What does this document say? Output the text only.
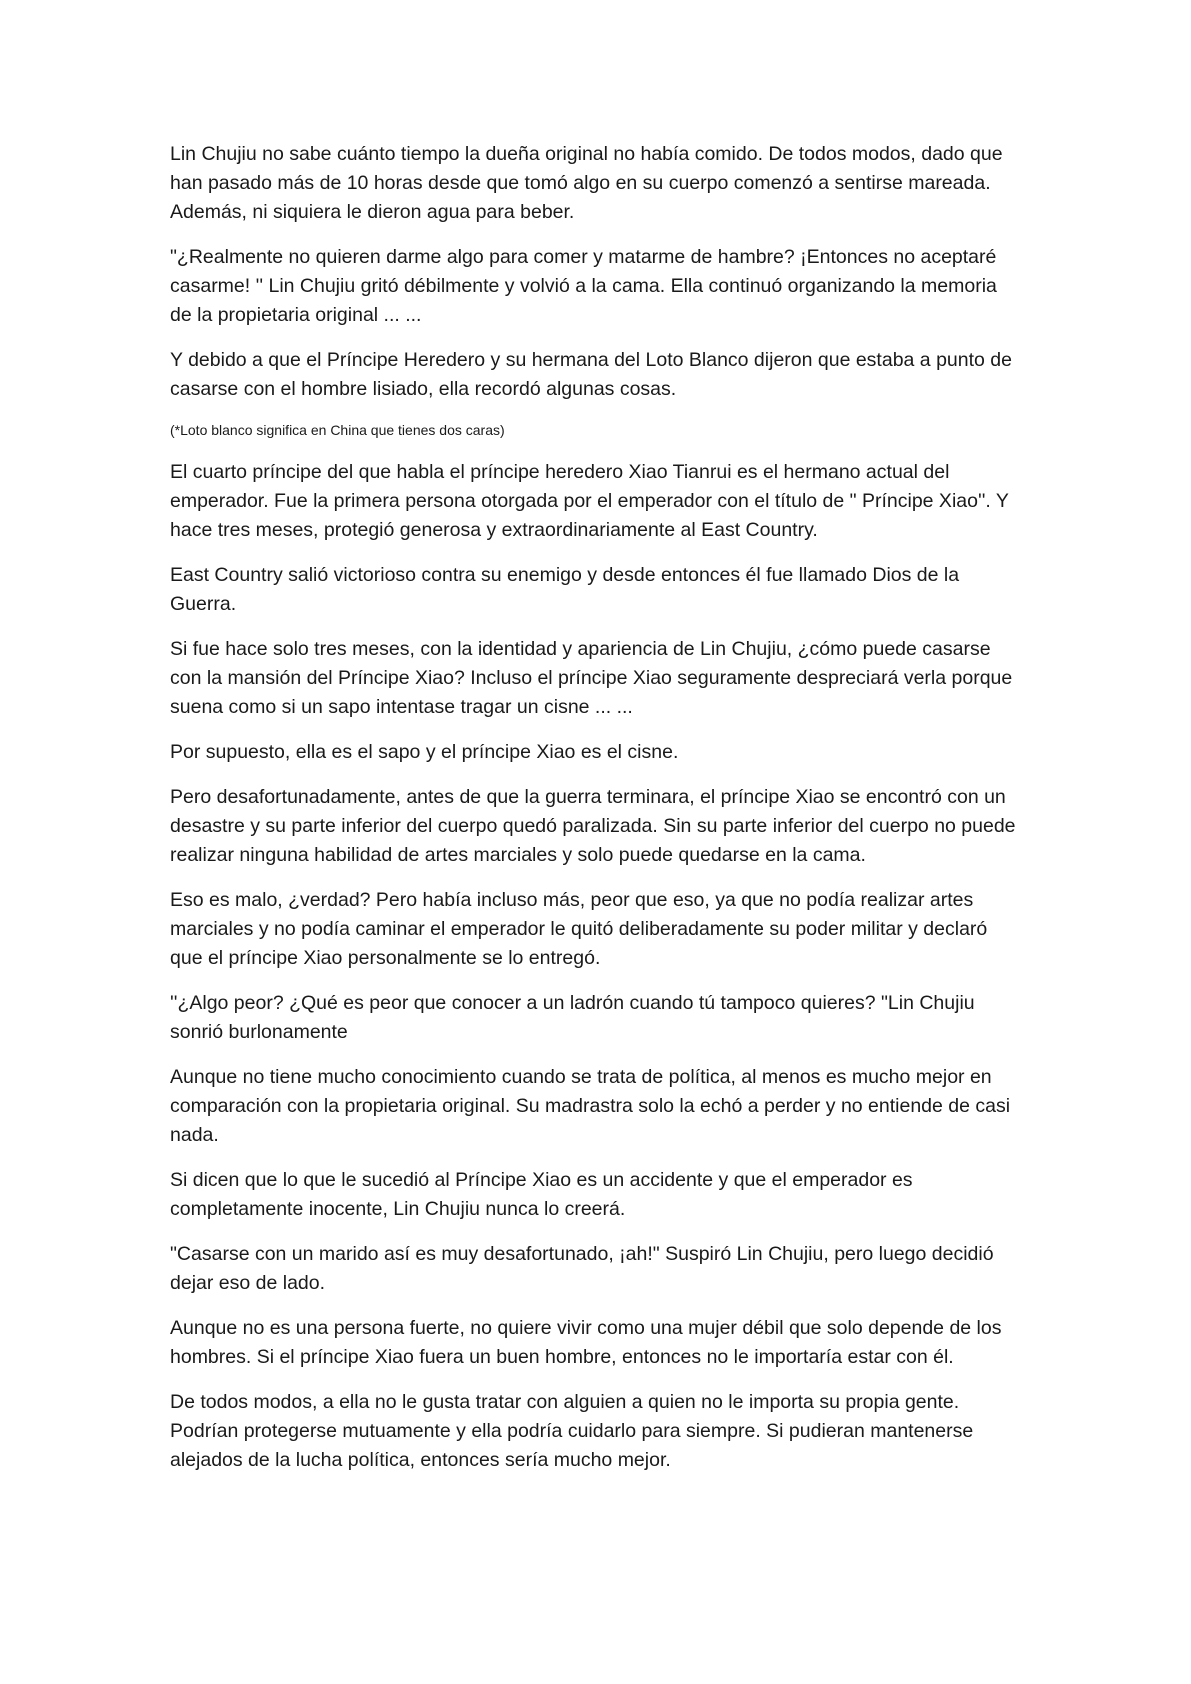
Lin Chujiu no sabe cuánto tiempo la dueña original no había comido. De todos modos, dado que han pasado más de 10 horas desde que tomó algo en su cuerpo comenzó a sentirse mareada. Además, ni siquiera le dieron agua para beber.

"¿Realmente no quieren darme algo para comer y matarme de hambre? ¡Entonces no aceptaré casarme! '' Lin Chujiu gritó débilmente y volvió a la cama. Ella continuó organizando la memoria de la propietaria original ... ...

Y debido a que el Príncipe Heredero y su hermana del Loto Blanco dijeron que estaba a punto de casarse con el hombre lisiado, ella recordó algunas cosas.

(*Loto blanco significa en China que tienes dos caras)

El cuarto príncipe del que habla el príncipe heredero Xiao Tianrui es el hermano actual del emperador. Fue la primera persona otorgada por el emperador con el título de " Príncipe Xiao''. Y hace tres meses, protegió generosa y extraordinariamente al East Country.

East Country salió victorioso contra su enemigo y desde entonces él fue llamado Dios de la Guerra.

Si fue hace solo tres meses, con la identidad y apariencia de Lin Chujiu, ¿cómo puede casarse con la mansión del Príncipe Xiao? Incluso el príncipe Xiao seguramente despreciará verla porque suena como si un sapo intentase tragar un cisne ... ...

Por supuesto, ella es el sapo y el príncipe Xiao es el cisne.

Pero desafortunadamente, antes de que la guerra terminara, el príncipe Xiao se encontró con un desastre y su parte inferior del cuerpo quedó paralizada. Sin su parte inferior del cuerpo no puede realizar ninguna habilidad de artes marciales y solo puede quedarse en la cama.

Eso es malo, ¿verdad? Pero había incluso más, peor que eso, ya que no podía realizar artes marciales y no podía caminar el emperador le quitó deliberadamente su poder militar y declaró que el príncipe Xiao personalmente se lo entregó.

''¿Algo peor? ¿Qué es peor que conocer a un ladrón cuando tú tampoco quieres? "Lin Chujiu sonrió burlonamente

Aunque no tiene mucho conocimiento cuando se trata de política, al menos es mucho mejor en comparación con la propietaria original. Su madrastra solo la echó a perder y no entiende de casi nada.

Si dicen que lo que le sucedió al Príncipe Xiao es un accidente y que el emperador es completamente inocente, Lin Chujiu nunca lo creerá.

"Casarse con un marido así es muy desafortunado, ¡ah!" Suspiró Lin Chujiu, pero luego decidió dejar eso de lado.

Aunque no es una persona fuerte, no quiere vivir como una mujer débil que solo depende de los hombres. Si el príncipe Xiao fuera un buen hombre, entonces no le importaría estar con él.

De todos modos, a ella no le gusta tratar con alguien a quien no le importa su propia gente. Podrían protegerse mutuamente y ella podría cuidarlo para siempre. Si pudieran mantenerse alejados de la lucha política, entonces sería mucho mejor.
